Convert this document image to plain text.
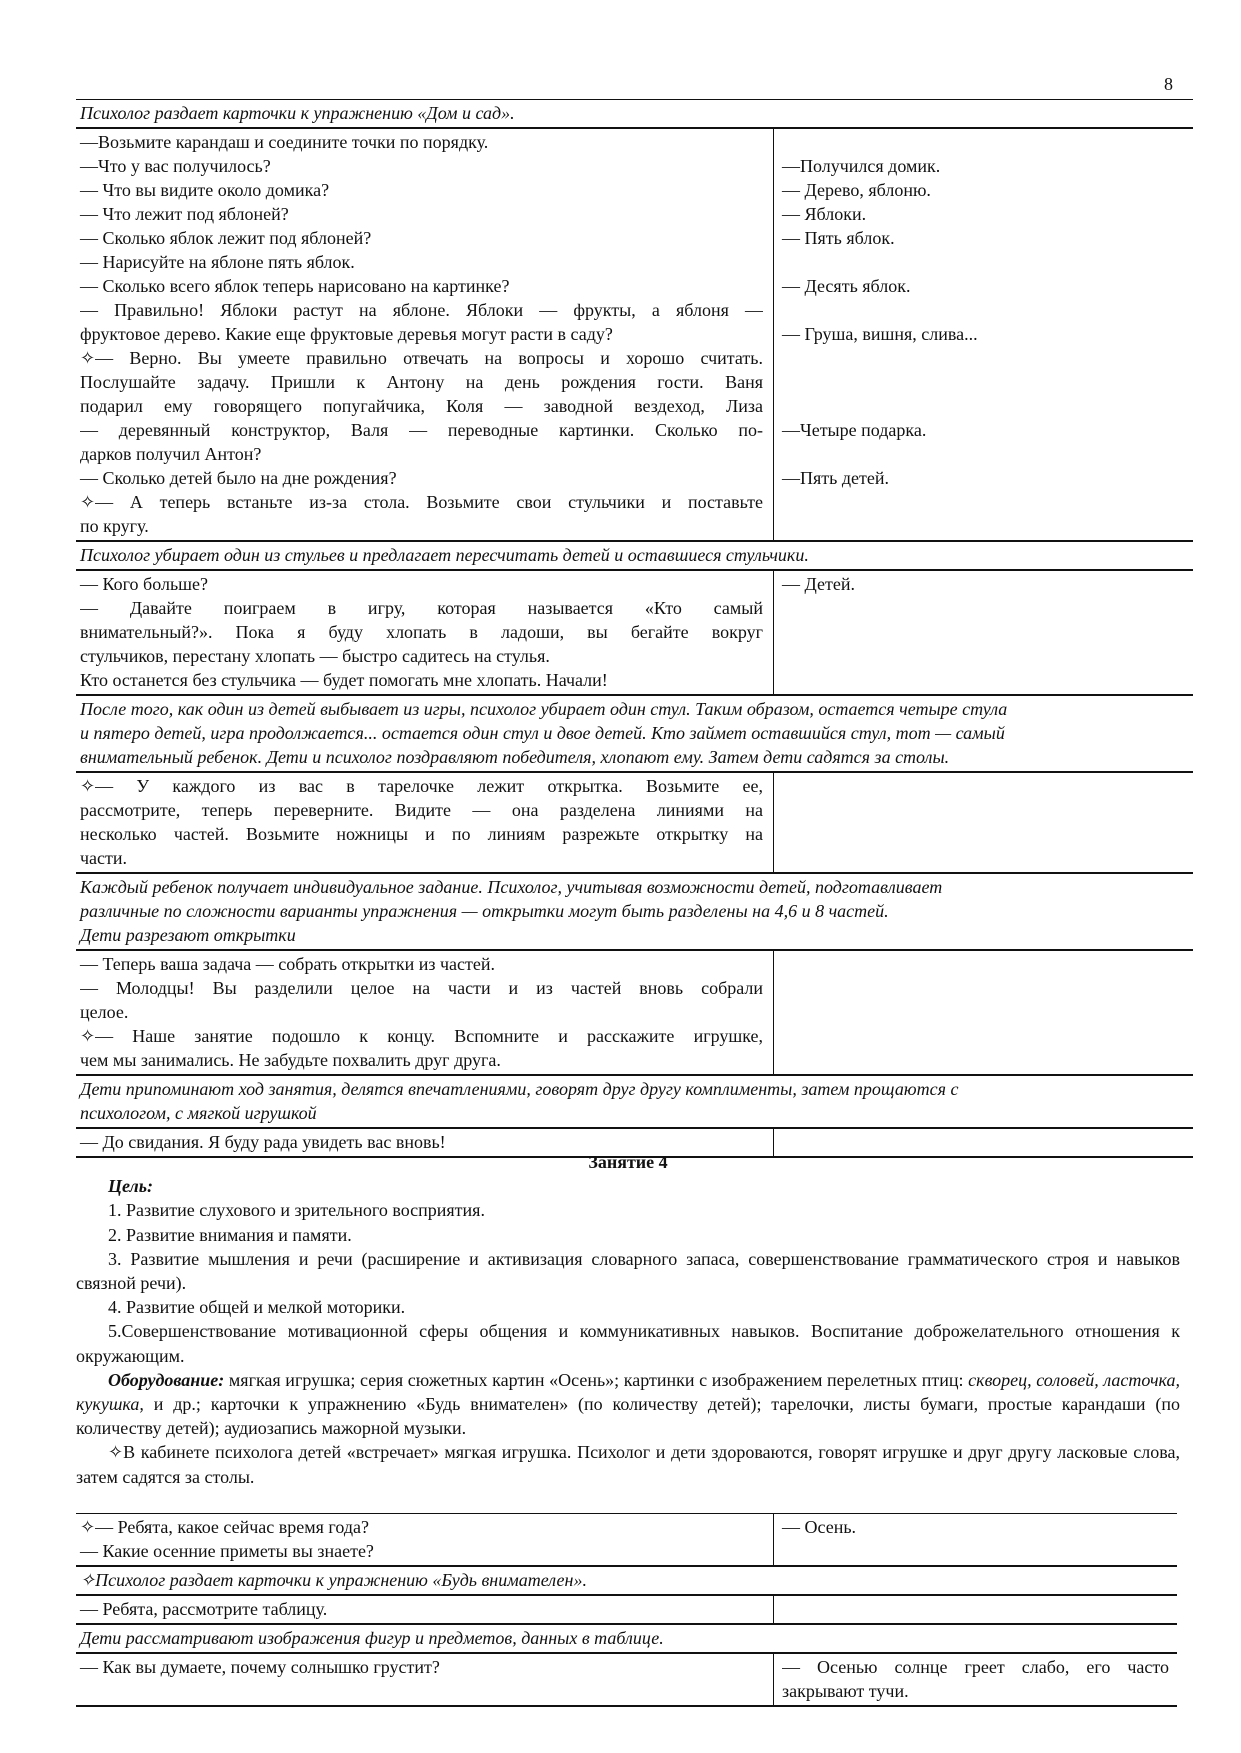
8
Психолог раздает карточки к упражнению «Дом и сад».
—Возьмите карандаш и соедините точки по порядку.
—Что у вас получилось?
— Что вы видите около домика?
— Что лежит под яблоней?
— Сколько яблок лежит под яблоней?
— Нарисуйте на яблоне пять яблок.
— Сколько всего яблок теперь нарисовано на картинке?
— Правильно! Яблоки растут на яблоне. Яблоки — фрукты, а яблоня —
фруктовое дерево. Какие еще фруктовые деревья могут расти в саду?
✧— Верно. Вы умеете правильно отвечать на вопросы и хорошо считать.
Послушайте задачу. Пришли к Антону на день рождения гости. Ваня
подарил ему говорящего попугайчика, Коля — заводной вездеход, Лиза
— деревянный конструктор, Валя — переводные картинки. Сколько по-
дарков получил Антон?
— Сколько детей было на дне рождения?
✧— А теперь встаньте из-за стола. Возьмите свои стульчики и поставьте
по кругу.
—Получился домик.
— Дерево, яблоню.
— Яблоки.
— Пять яблок.
— Десять яблок.
— Груша, вишня, слива...
—Четыре подарка.
—Пять детей.
Психолог убирает один из стульев и предлагает пересчитать детей и оставшиеся стульчики.
— Кого больше?
— Давайте поиграем в игру, которая называется «Кто самый
внимательный?». Пока я буду хлопать в ладоши, вы бегайте вокруг
стульчиков, перестану хлопать — быстро садитесь на стулья.
Кто останется без стульчика — будет помогать мне хлопать. Начали!
— Детей.
После того, как один из детей выбывает из игры, психолог убирает один стул. Таким образом, остается четыре стула
и пятеро детей, игра продолжается... остается один стул и двое детей. Кто займет оставшийся стул, тот — самый
внимательный ребенок. Дети и психолог поздравляют победителя, хлопают ему. Затем дети садятся за столы.
✧— У каждого из вас в тарелочке лежит открытка. Возьмите ее,
рассмотрите, теперь переверните. Видите — она разделена линиями на
несколько частей. Возьмите ножницы и по линиям разрежьте открытку на
части.
Каждый ребенок получает индивидуальное задание. Психолог, учитывая возможности детей, подготавливает
различные по сложности варианты упражнения — открытки могут быть разделены на 4,6 и 8 частей.
Дети разрезают открытки
— Теперь ваша задача — собрать открытки из частей.
— Молодцы! Вы разделили целое на части и из частей вновь собрали
целое.
✧— Наше занятие подошло к концу. Вспомните и расскажите игрушке,
чем мы занимались. Не забудьте похвалить друг друга.
Дети припоминают ход занятия, делятся впечатлениями, говорят друг другу комплименты, затем прощаются с
психологом, с мягкой игрушкой
— До свидания. Я буду рада увидеть вас вновь!
Занятие 4

Цель:

1. Развитие слухового и зрительного восприятия.

2. Развитие внимания и памяти.

3. Развитие мышления и речи (расширение и активизация словарного запаса, совершенствование грамматического строя и навыков связной речи).

4. Развитие общей и мелкой моторики.

5.Совершенствование мотивационной сферы общения и коммуникативных навыков. Воспитание доброжелательного отношения к окружающим.

Оборудование: мягкая игрушка; серия сюжетных картин «Осень»; картинки с изображением перелетных птиц: скворец, соловей, ласточка, кукушка, и др.; карточки к упражнению «Будь внимателен» (по количеству детей); тарелочки, листы бумаги, простые карандаши (по количеству детей); аудиозапись мажорной музыки.

✧В кабинете психолога детей «встречает» мягкая игрушка. Психолог и дети здороваются, говорят игрушке и друг другу ласковые слова, затем садятся за столы.

✧— Ребята, какое сейчас время года?
— Какие осенние приметы вы знаете?
— Осень.
✧Психолог раздает карточки к упражнению «Будь внимателен».
— Ребята, рассмотрите таблицу.
Дети рассматривают изображения фигур и предметов, данных в таблице.
— Как вы думаете, почему солнышко грустит?	— Осенью солнце греет слабо, его часто
закрывают тучи.
